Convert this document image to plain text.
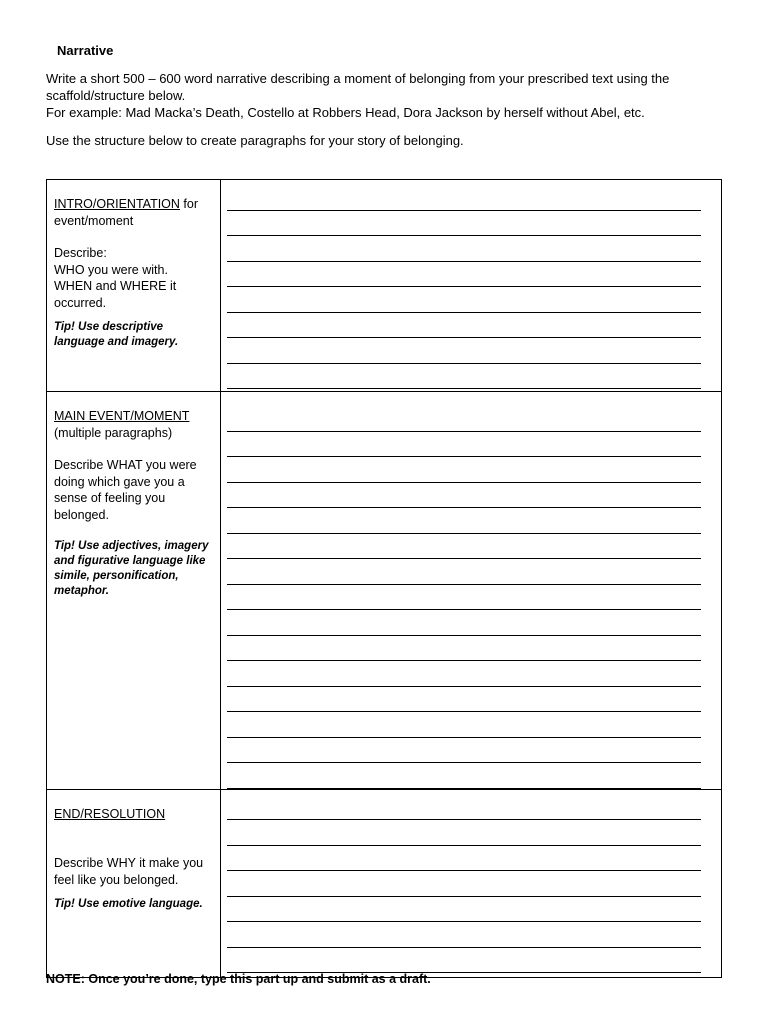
Narrative

Write a short 500 – 600 word narrative describing a moment of belonging from your prescribed text using the scaffold/structure below.

For example: Mad Macka’s Death, Costello at Robbers Head, Dora Jackson by herself without Abel, etc.

Use the structure below to create paragraphs for your story of belonging.
INTRO/ORIENTATION for event/moment
Describe:
WHO you were with.
WHEN and WHERE it occurred.
Tip! Use descriptive language and imagery.	

MAIN EVENT/MOMENT
(multiple paragraphs)
Describe WHAT you were doing which gave you a sense of feeling you belonged.
Tip! Use adjectives, imagery and figurative language like simile, personification, metaphor.	

END/RESOLUTION
Describe WHY it make you feel like you belonged.
Tip! Use emotive language.	

NOTE: Once you’re done, type this part up and submit as a draft.
